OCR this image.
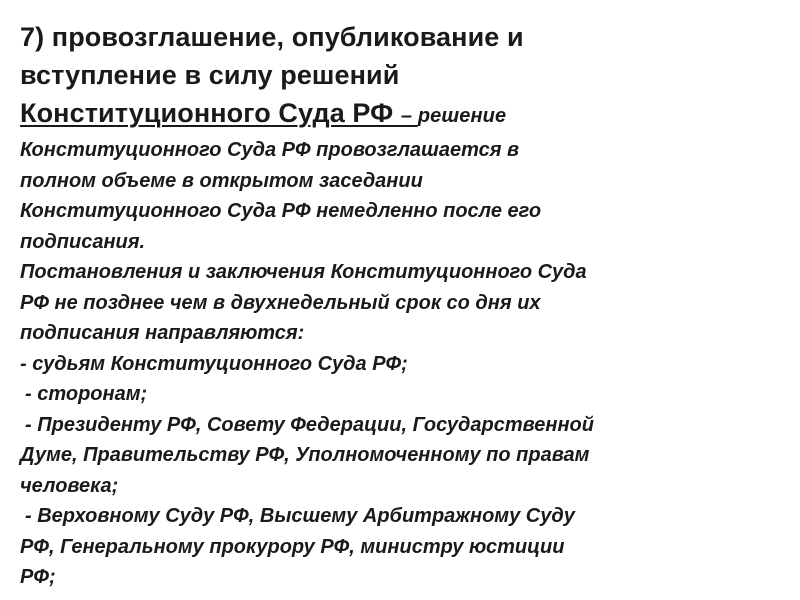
7) провозглашение, опубликование и

вступление в силу решений

Конституционного Суда РФ – решение

Конституционного Суда РФ провозглашается в

полном объеме в открытом заседании

Конституционного Суда РФ немедленно после его

подписания.

Постановления и заключения Конституционного Суда

РФ не позднее чем в двухнедельный срок со дня их

подписания направляются:

- судьям Конституционного Суда РФ;

- сторонам;

- Президенту РФ, Совету Федерации, Государственной

Думе, Правительству РФ, Уполномоченному по правам

человека;

- Верховному Суду РФ, Высшему Арбитражному Суду

РФ, Генеральному прокурору РФ, министру юстиции

РФ;
